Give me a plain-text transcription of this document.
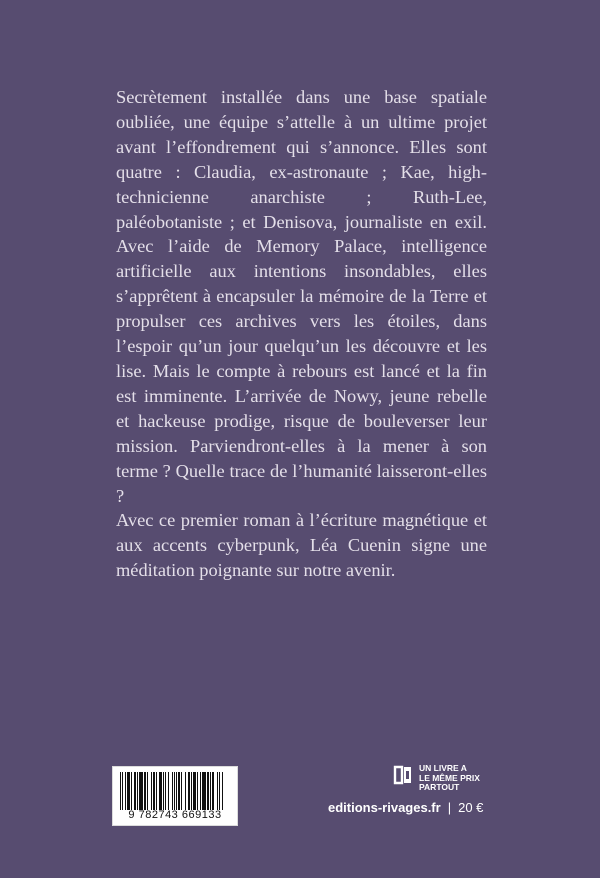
Secrètement installée dans une base spatiale oubliée, une équipe s’attelle à un ultime projet avant l’effondrement qui s’annonce. Elles sont quatre : Claudia, ex-astronaute ; Kae, high-technicienne anarchiste ; Ruth-Lee, paléobotaniste ; et Denisova, journaliste en exil. Avec l’aide de Memory Palace, intelligence artificielle aux intentions insondables, elles s’apprêtent à encapsuler la mémoire de la Terre et propulser ces archives vers les étoiles, dans l’espoir qu’un jour quelqu’un les découvre et les lise. Mais le compte à rebours est lancé et la fin est imminente. L’arrivée de Nowy, jeune rebelle et hackeuse prodige, risque de bouleverser leur mission. Parviendront-elles à la mener à son terme ? Quelle trace de l’humanité laisseront-elles ?

Avec ce premier roman à l’écriture magnétique et aux accents cyberpunk, Léa Cuenin signe une méditation poignante sur notre avenir.

9 782743 669133
UN LIVRE A
LE MÊME PRIX
PARTOUT
editions-rivages.fr | 20 €
